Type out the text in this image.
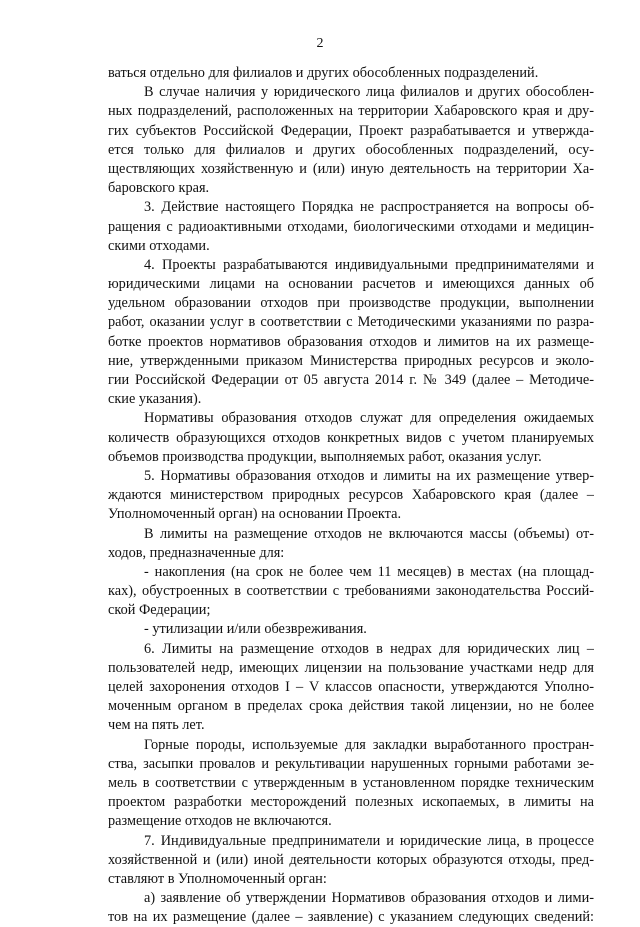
2
ваться отдельно для филиалов и других обособленных подразделений.
В случае наличия у юридического лица филиалов и других обособлен-
ных подразделений, расположенных на территории Хабаровского края и дру-
гих субъектов Российской Федерации, Проект разрабатывается и утвержда-
ется только для филиалов и других обособленных подразделений, осу-
ществляющих хозяйственную и (или) иную деятельность на территории Ха-
баровского края.
3. Действие настоящего Порядка не распространяется на вопросы об-
ращения с радиоактивными отходами, биологическими отходами и медицин-
скими отходами.
4. Проекты разрабатываются индивидуальными предпринимателями и
юридическими лицами на основании расчетов и имеющихся данных об
удельном образовании отходов при производстве продукции, выполнении
работ, оказании услуг в соответствии с Методическими указаниями по разра-
ботке проектов нормативов образования отходов и лимитов на их размеще-
ние, утвержденными приказом Министерства природных ресурсов и эколо-
гии Российской Федерации от 05 августа 2014 г. № 349 (далее – Методиче-
ские указания).
Нормативы образования отходов служат для определения ожидаемых
количеств образующихся отходов конкретных видов с учетом планируемых
объемов производства продукции, выполняемых работ, оказания услуг.
5. Нормативы образования отходов и лимиты на их размещение утвер-
ждаются министерством природных ресурсов Хабаровского края (далее –
Уполномоченный орган) на основании Проекта.
В лимиты на размещение отходов не включаются массы (объемы) от-
ходов, предназначенные для:
- накопления (на срок не более чем 11 месяцев) в местах (на площад-
ках), обустроенных в соответствии с требованиями законодательства Россий-
ской Федерации;
- утилизации и/или обезвреживания.
6. Лимиты на размещение отходов в недрах для юридических лиц –
пользователей недр, имеющих лицензии на пользование участками недр для
целей захоронения отходов I – V классов опасности, утверждаются Уполно-
моченным органом в пределах срока действия такой лицензии, но не более
чем на пять лет.
Горные породы, используемые для закладки выработанного простран-
ства, засыпки провалов и рекультивации нарушенных горными работами зе-
мель в соответствии с утвержденным в установленном порядке техническим
проектом разработки месторождений полезных ископаемых, в лимиты на
размещение отходов не включаются.
7. Индивидуальные предприниматели и юридические лица, в процессе
хозяйственной и (или) иной деятельности которых образуются отходы, пред-
ставляют в Уполномоченный орган:
а) заявление об утверждении Нормативов образования отходов и лими-
тов на их размещение (далее – заявление) с указанием следующих сведений:
